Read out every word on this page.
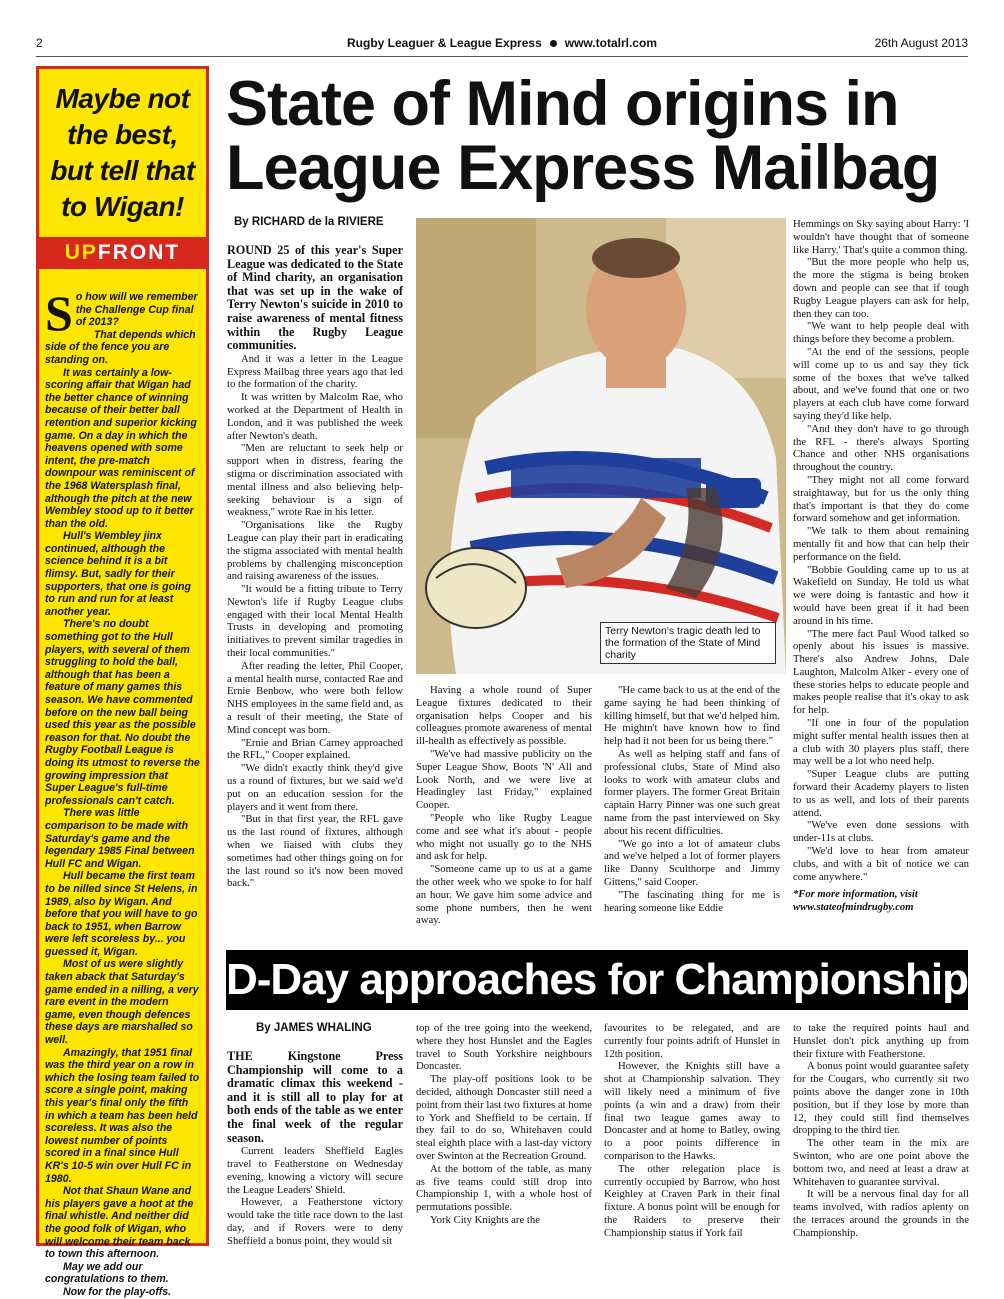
2	Rugby Leaguer & League Express www.totalrl.com	26th August 2013
Maybe not the best, but tell that to Wigan!
UPFRONT

So how will we remember the Challenge Cup final of 2013?

That depends which side of the fence you are standing on.

It was certainly a low-scoring affair that Wigan had the better chance of winning because of their better ball retention and superior kicking game. On a day in which the heavens opened with some intent, the pre-match downpour was reminiscent of the 1968 Watersplash final, although the pitch at the new Wembley stood up to it better than the old.

Hull's Wembley jinx continued, although the science behind it is a bit flimsy. But, sadly for their supporters, that one is going to run and run for at least another year.

There's no doubt something got to the Hull players, with several of them struggling to hold the ball, although that has been a feature of many games this season. We have commented before on the new ball being used this year as the possible reason for that. No doubt the Rugby Football League is doing its utmost to reverse the growing impression that Super League's full-time professionals can't catch.

There was little comparison to be made with Saturday's game and the legendary 1985 Final between Hull FC and Wigan.

Hull became the first team to be nilled since St Helens, in 1989, also by Wigan. And before that you will have to go back to 1951, when Barrow were left scoreless by... you guessed it, Wigan.

Most of us were slightly taken aback that Saturday's game ended in a nilling, a very rare event in the modern game, even though defences these days are marshalled so well.

Amazingly, that 1951 final was the third year on a row in which the losing team failed to score a single point, making this year's final only the fifth in which a team has been held scoreless. It was also the lowest number of points scored in a final since Hull KR's 10-5 win over Hull FC in 1980.

Not that Shaun Wane and his players gave a hoot at the final whistle. And neither did the good folk of Wigan, who will welcome their team back to town this afternoon.

May we add our congratulations to them.

Now for the play-offs.

State of Mind origins in League Express Mailbag
By RICHARD de la RIVIERE

ROUND 25 of this year's Super League was dedicated to the State of Mind charity, an organisation that was set up in the wake of Terry Newton's suicide in 2010 to raise awareness of mental fitness within the Rugby League communities.

And it was a letter in the League Express Mailbag three years ago that led to the formation of the charity.

It was written by Malcolm Rae, who worked at the Department of Health in London, and it was published the week after Newton's death.

"Men are reluctant to seek help or support when in distress, fearing the stigma or discrimination associated with mental illness and also believing help-seeking behaviour is a sign of weakness," wrote Rae in his letter.

"Organisations like the Rugby League can play their part in eradicating the stigma associated with mental health problems by challenging misconception and raising awareness of the issues.

"It would be a fitting tribute to Terry Newton's life if Rugby League clubs engaged with their local Mental Health Trusts in developing and promoting initiatives to prevent similar tragedies in their local communities."

After reading the letter, Phil Cooper, a mental health nurse, contacted Rae and Ernie Benbow, who were both fellow NHS employees in the same field and, as a result of their meeting, the State of Mind concept was born.

"Ernie and Brian Carney approached the RFL," Cooper explained.

"We didn't exactly think they'd give us a round of fixtures, but we said we'd put on an education session for the players and it went from there.

"But in that first year, the RFL gave us the last round of fixtures, although when we liaised with clubs they sometimes had other things going on for the last round so it's now been moved back."

Terry Newton's tragic death led to the formation of the State of Mind charity

Having a whole round of Super League fixtures dedicated to their organisation helps Cooper and his colleagues promote awareness of mental ill-health as effectively as possible.

"We've had massive publicity on the Super League Show, Boots 'N' All and Look North, and we were live at Headingley last Friday," explained Cooper.

"People who like Rugby League come and see what it's about - people who might not usually go to the NHS and ask for help.

"Someone came up to us at a game the other week who we spoke to for half an hour. We gave him some advice and some phone numbers, then he went away.

"He came back to us at the end of the game saying he had been thinking of killing himself, but that we'd helped him. He mightn't have known how to find help had it not been for us being there."

As well as helping staff and fans of professional clubs, State of Mind also looks to work with amateur clubs and former players. The former Great Britain captain Harry Pinner was one such great name from the past interviewed on Sky about his recent difficulties.

"We go into a lot of amateur clubs and we've helped a lot of former players like Danny Sculthorpe and Jimmy Gittens," said Cooper.

"The fascinating thing for me is hearing someone like Eddie

Hemmings on Sky saying about Harry: 'I wouldn't have thought that of someone like Harry.' That's quite a common thing.

"But the more people who help us, the more the stigma is being broken down and people can see that if tough Rugby League players can ask for help, then they can too.

"We want to help people deal with things before they become a problem.

"At the end of the sessions, people will come up to us and say they tick some of the boxes that we've talked about, and we've found that one or two players at each club have come forward saying they'd like help.

"And they don't have to go through the RFL - there's always Sporting Chance and other NHS organisations throughout the country.

"They might not all come forward straightaway, but for us the only thing that's important is that they do come forward somehow and get information.

"We talk to them about remaining mentally fit and how that can help their performance on the field.

"Bobbie Goulding came up to us at Wakefield on Sunday. He told us what we were doing is fantastic and how it would have been great if it had been around in his time.

"The mere fact Paul Wood talked so openly about his issues is massive. There's also Andrew Johns, Dale Laughton, Malcolm Alker - every one of these stories helps to educate people and makes people realise that it's okay to ask for help.

"If one in four of the population might suffer mental health issues then at a club with 30 players plus staff, there may well be a lot who need help.

"Super League clubs are putting forward their Academy players to listen to us as well, and lots of their parents attend.

"We've even done sessions with under-11s at clubs.

"We'd love to hear from amateur clubs, and with a bit of notice we can come anywhere."

*For more information, visit
www.stateofmindrugby.com
D-Day approaches for Championship
By JAMES WHALING

THE Kingstone Press Championship will come to a dramatic climax this weekend - and it is still all to play for at both ends of the table as we enter the final week of the regular season.

Current leaders Sheffield Eagles travel to Featherstone on Wednesday evening, knowing a victory will secure the League Leaders' Shield.

However, a Featherstone victory would take the title race down to the last day, and if Rovers were to deny Sheffield a bonus point, they would sit

top of the tree going into the weekend, where they host Hunslet and the Eagles travel to South Yorkshire neighbours Doncaster.

The play-off positions look to be decided, although Doncaster still need a point from their last two fixtures at home to York and Sheffield to be certain. If they fail to do so, Whitehaven could steal eighth place with a last-day victory over Swinton at the Recreation Ground.

At the bottom of the table, as many as five teams could still drop into Championship 1, with a whole host of permutations possible.

York City Knights are the

favourites to be relegated, and are currently four points adrift of Hunslet in 12th position.

However, the Knights still have a shot at Championship salvation. They will likely need a minimum of five points (a win and a draw) from their final two league games away to Doncaster and at home to Batley, owing to a poor points difference in comparison to the Hawks.

The other relegation place is currently occupied by Barrow, who host Keighley at Craven Park in their final fixture. A bonus point will be enough for the Raiders to preserve their Championship status if York fail

to take the required points haul and Hunslet don't pick anything up from their fixture with Featherstone.

A bonus point would guarantee safety for the Cougars, who currently sit two points above the danger zone in 10th position, but if they lose by more than 12, they could still find themselves dropping to the third tier.

The other team in the mix are Swinton, who are one point above the bottom two, and need at least a draw at Whitehaven to guarantee survival.

It will be a nervous final day for all teams involved, with radios aplenty on the terraces around the grounds in the Championship.
